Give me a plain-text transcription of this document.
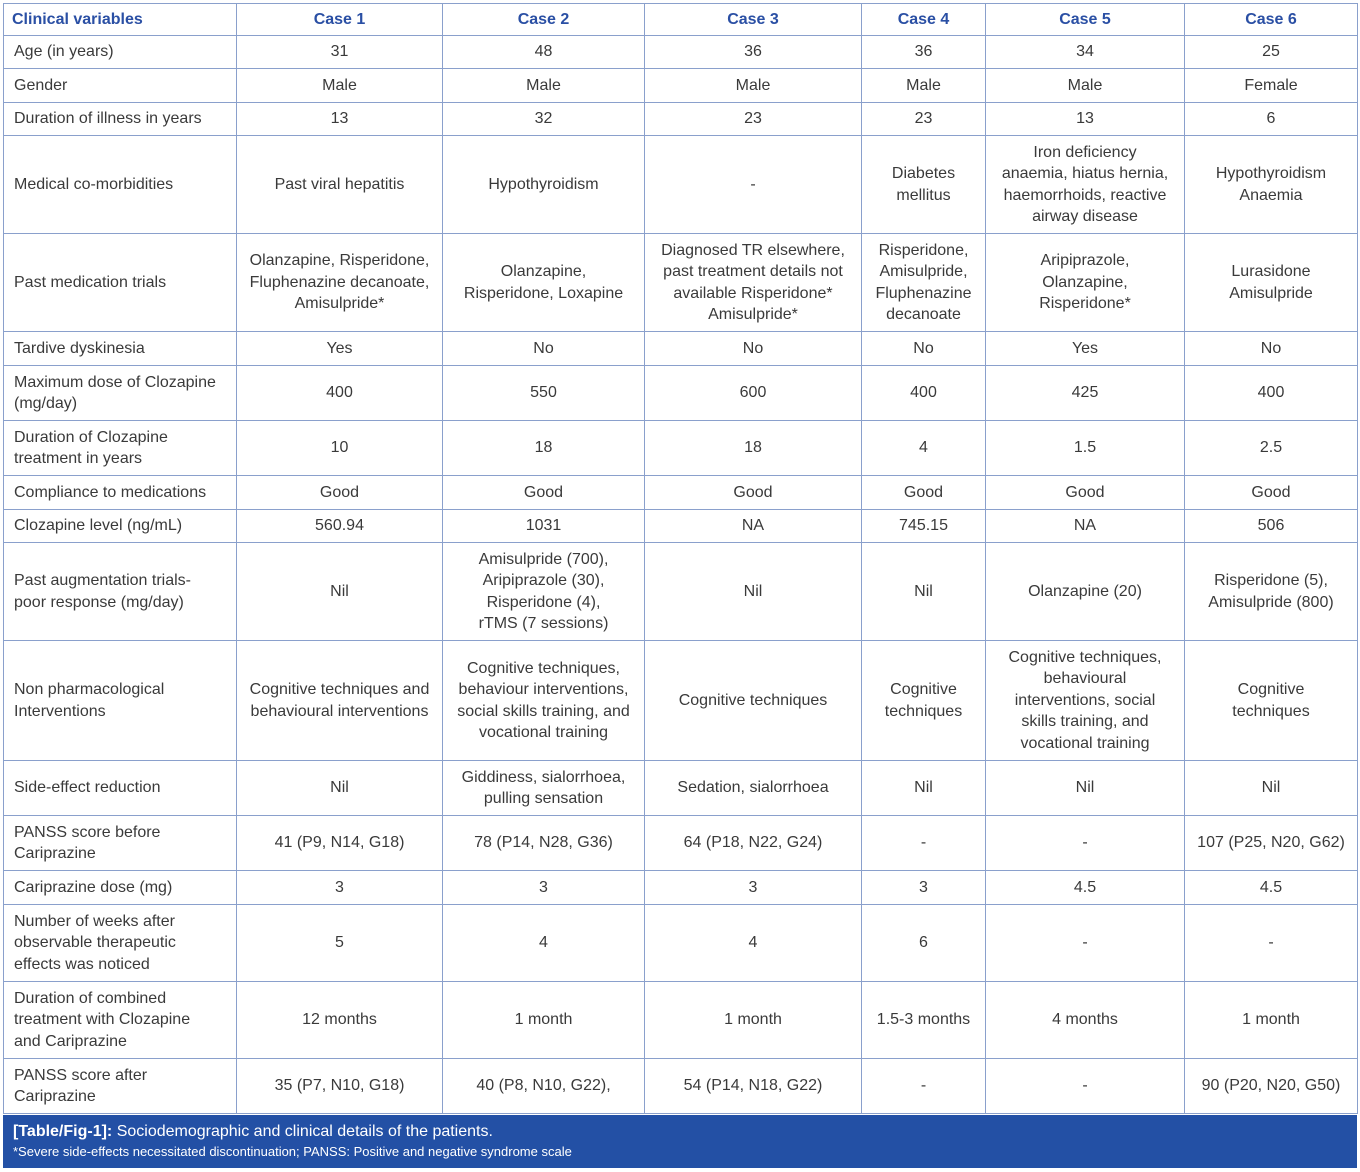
Clinical variables	Case 1	Case 2	Case 3	Case 4	Case 5	Case 6
Age (in years)	31	48	36	36	34	25
Gender	Male	Male	Male	Male	Male	Female
Duration of illness in years	13	32	23	23	13	6
Medical co-morbidities	Past viral hepatitis	Hypothyroidism	-	Diabetes
mellitus	Iron deficiency
anaemia, hiatus hernia,
haemorrhoids, reactive
airway disease	Hypothyroidism
Anaemia
Past medication trials	Olanzapine, Risperidone,
Fluphenazine decanoate,
Amisulpride*	Olanzapine,
Risperidone, Loxapine	Diagnosed TR elsewhere,
past treatment details not
available Risperidone*
Amisulpride*	Risperidone,
Amisulpride,
Fluphenazine
decanoate	Aripiprazole,
Olanzapine,
Risperidone*	Lurasidone
Amisulpride
Tardive dyskinesia	Yes	No	No	No	Yes	No
Maximum dose of Clozapine
(mg/day)	400	550	600	400	425	400
Duration of Clozapine
treatment in years	10	18	18	4	1.5	2.5
Compliance to medications	Good	Good	Good	Good	Good	Good
Clozapine level (ng/mL)	560.94	1031	NA	745.15	NA	506
Past augmentation trials-
poor response (mg/day)	Nil	Amisulpride (700),
Aripiprazole (30),
Risperidone (4),
rTMS (7 sessions)	Nil	Nil	Olanzapine (20)	Risperidone (5),
Amisulpride (800)
Non pharmacological
Interventions	Cognitive techniques and
behavioural interventions	Cognitive techniques,
behaviour interventions,
social skills training, and
vocational training	Cognitive techniques	Cognitive
techniques	Cognitive techniques,
behavioural
interventions, social
skills training, and
vocational training	Cognitive
techniques
Side-effect reduction	Nil	Giddiness, sialorrhoea,
pulling sensation	Sedation, sialorrhoea	Nil	Nil	Nil
PANSS score before
Cariprazine	41 (P9, N14, G18)	78 (P14, N28, G36)	64 (P18, N22, G24)	-	-	107 (P25, N20, G62)
Cariprazine dose (mg)	3	3	3	3	4.5	4.5
Number of weeks after
observable therapeutic
effects was noticed	5	4	4	6	-	-
Duration of combined
treatment with Clozapine
and Cariprazine	12 months	1 month	1 month	1.5-3 months	4 months	1 month
PANSS score after
Cariprazine	35 (P7, N10, G18)	40 (P8, N10, G22),	54 (P14, N18, G22)	-	-	90 (P20, N20, G50)
[Table/Fig-1]: Sociodemographic and clinical details of the patients.
*Severe side-effects necessitated discontinuation; PANSS: Positive and negative syndrome scale
